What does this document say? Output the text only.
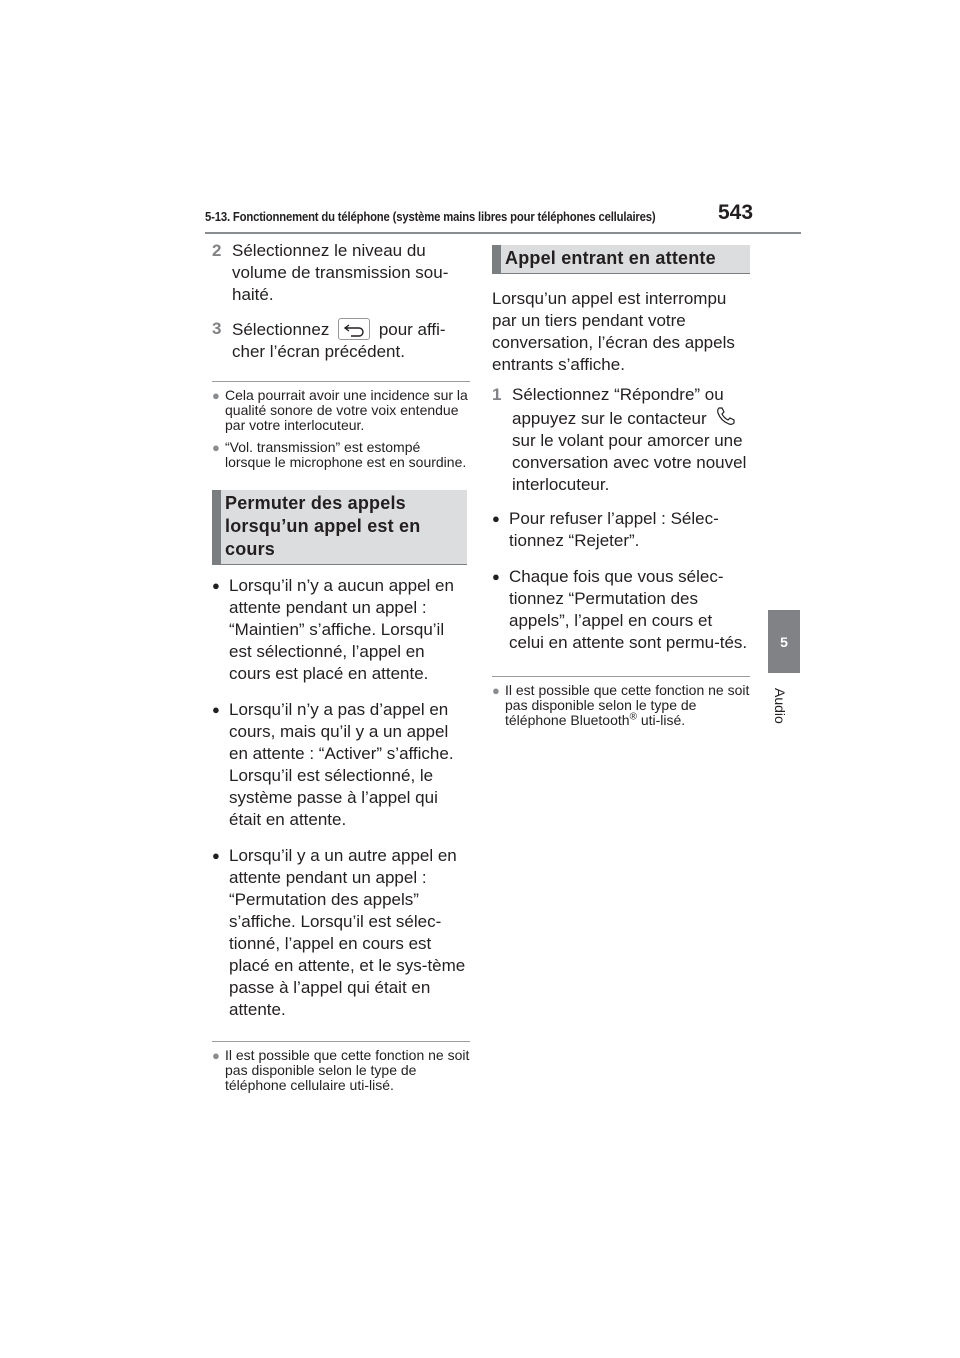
5-13. Fonctionnement du téléphone (système mains libres pour téléphones cellulaires)	543
5
Audio
2 Sélectionnez le niveau du volume de transmission sou-haité.
3 Sélectionnez	pour affi-cher l’écran précédent.
● Cela pourrait avoir une incidence sur la qualité sonore de votre voix entendue par votre interlocuteur.
● “Vol. transmission” est estompé lorsque le microphone est en sourdine.
Permuter des appels lorsqu’un appel est en cours
● Lorsqu’il n’y a aucun appel en attente pendant un appel : “Maintien” s’affiche. Lorsqu’il est sélectionné, l’appel en cours est placé en attente.
● Lorsqu’il n’y a pas d’appel en cours, mais qu’il y a un appel en attente : “Activer” s’affiche. Lorsqu’il est sélectionné, le système passe à l’appel qui était en attente.
● Lorsqu’il y a un autre appel en attente pendant un appel : “Permutation des appels” s’affiche. Lorsqu’il est sélec-tionné, l’appel en cours est placé en attente, et le sys-tème passe à l’appel qui était en attente.
● Il est possible que cette fonction ne soit pas disponible selon le type de téléphone cellulaire uti-lisé.
Appel entrant en attente
Lorsqu’un appel est interrompu par un tiers pendant votre conversation, l’écran des appels entrants s’affiche.
1 Sélectionnez “Répondre” ou appuyez sur le contacteur  sur le volant pour amorcer une conversation avec votre nouvel interlocuteur.
● Pour refuser l’appel : Sélec-tionnez “Rejeter”.
● Chaque fois que vous sélec-tionnez “Permutation des appels”, l’appel en cours et celui en attente sont permu-tés.
● Il est possible que cette fonction ne soit pas disponible selon le type de téléphone Bluetooth® uti-lisé.
